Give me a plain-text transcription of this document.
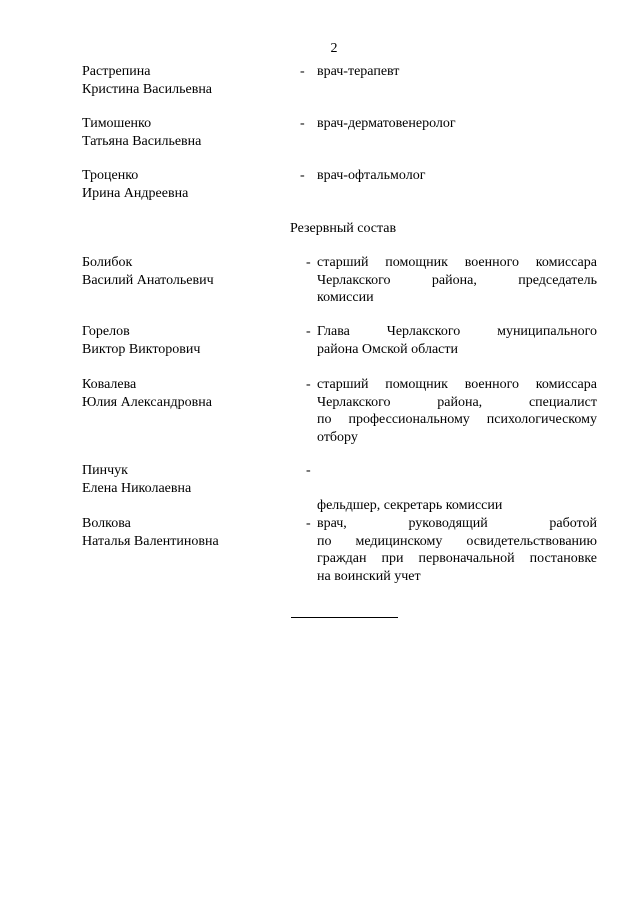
2
Растрепина
Кристина Васильевна
- врач-терапевт
Тимошенко
Татьяна Васильевна
- врач-дерматовенеролог
Троценко
Ирина Андреевна
- врач-офтальмолог
Резервный состав
Болибок
Василий Анатольевич
- старший помощник военного комиссара
Черлакского района, председатель
комиссии
Горелов
Виктор Викторович
- Глава Черлакского муниципального
района Омской области
Ковалева
Юлия Александровна
- старший помощник военного комиссара
Черлакского района, специалист
по профессиональному психологическому
отбору
Пинчук
Елена Николаевна
-

фельдшер, секретарь комиссии

Волкова
Наталья Валентиновна
- врач, руководящий работой
по медицинскому освидетельствованию
граждан при первоначальной постановке
на воинский учет
